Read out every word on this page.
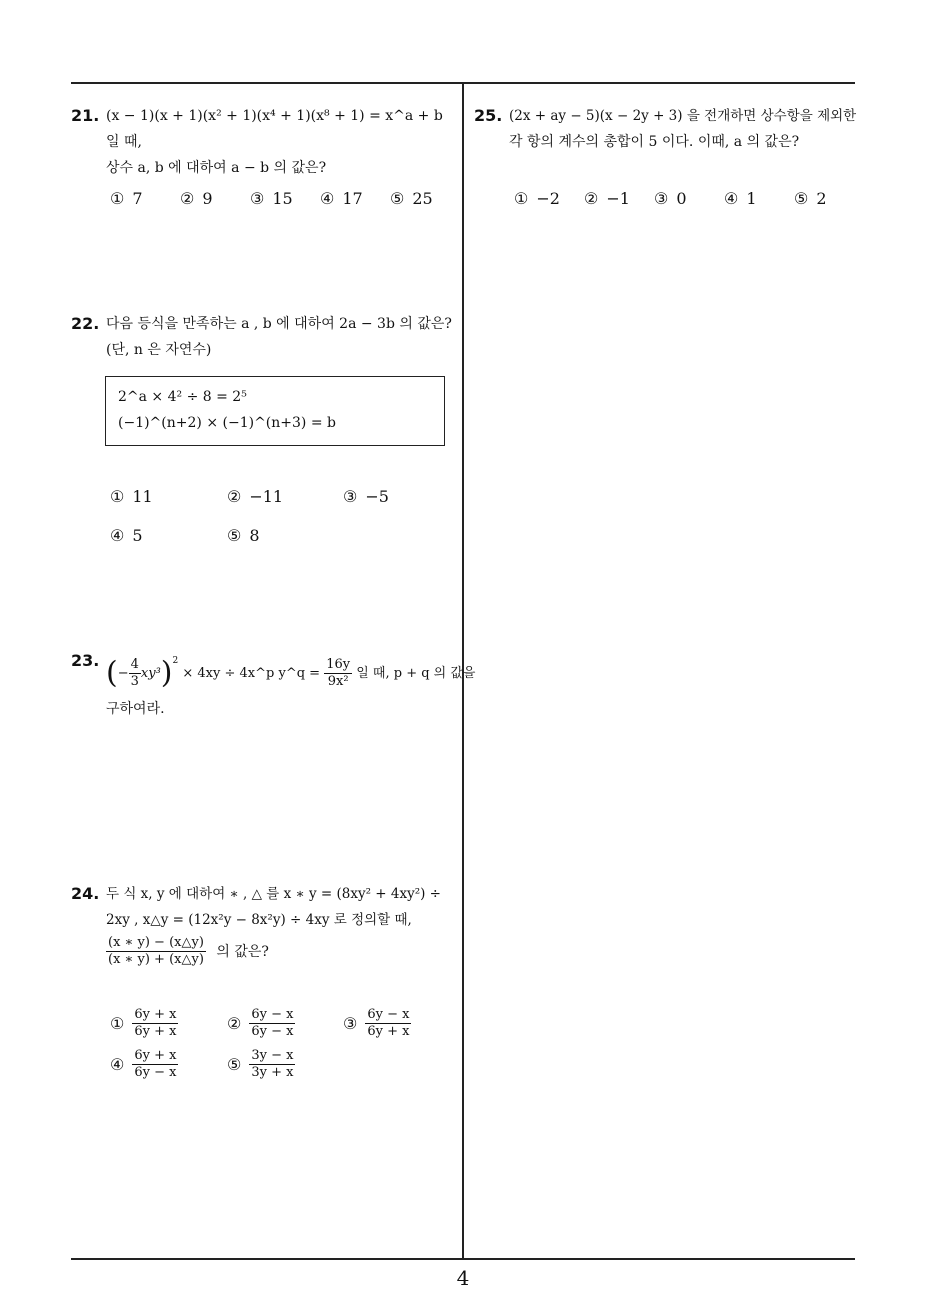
21. (x − 1)(x + 1)(x² + 1)(x⁴ + 1)(x⁸ + 1) = x^a + b 일 때,
상수 a, b 에 대하여 a − b 의 값은?
① 7 ② 9 ③ 15 ④ 17 ⑤ 25
22. 다음 등식을 만족하는 a , b 에 대하여 2a − 3b 의 값은?
(단, n 은 자연수)
2^a × 4² ÷ 8 = 2⁵
(−1)^(n+2) × (−1)^(n+3) = b
① 11	② −11	③ −5
④ 5	⑤ 8
23. (− $\frac{4}{3} xy^3)^2 \times 4xy$ ÷ 4x^p y^q = $\frac{16y}{\text{9x²}}$ 일 때, p + q 의 값을
구하여라.
24. 두 식 x, y 에 대하여 ∗ , △ 를 x ∗ y = (8xy² + 4xy²) ÷
2xy , x△y = (12x²y − 8x²y) ÷ 4xy 로 정의할 때,
$\frac{(x ∗ y) - (x\triangle y)}{(x ∗ y) + (x\triangle y)}$ 의 값은?
① $\frac{6y + x}{6y + x}$	② $\frac{6y - x}{6y - x}$	③ $\frac{6y - x}{6y + x}$
④ $\frac{6y + x}{6y - x}$	⑤ $\frac{3y - x}{3y + x}$
25. (2x + ay − 5)(x − 2y + 3) 을 전개하면 상수항을 제외한
각 항의 계수의 총합이 5 이다. 이때, a 의 값은?
① −2 ② −1 ③ 0 ④ 1 ⑤ 2
4
